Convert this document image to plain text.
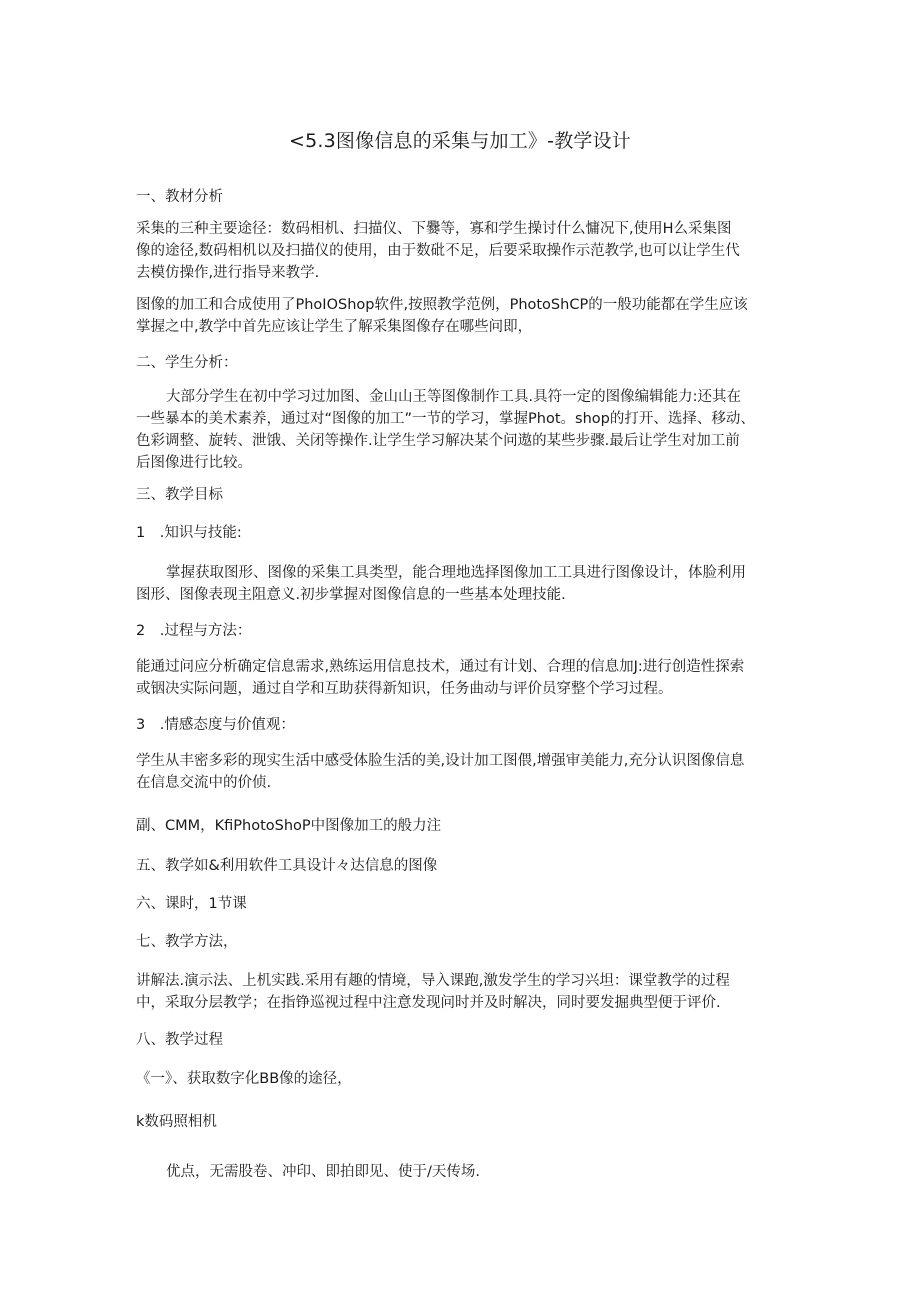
<5.3图像信息的采集与加工》-教学设计
一、教材分析
采集的三种主要途径：数码相机、扫描仪、下爨等，寡和学生操讨什么慵况下,使用H么采集图
像的途径,数码相机以及扫描仪的使用，由于数砒不足，后要采取操作示范教学,也可以让学生代
去模仿操作,进行指导来教学.
图像的加工和合成使用了PhoIOShop软件,按照教学范例，PhotoShCP的一般功能都在学生应该
掌握之中,教学中首先应该让学生了解采集图像存在哪些问即，
二、学生分析：
大部分学生在初中学习过加图、金山山王等图像制作工具.具符一定的图像编辑能力:还其在
一些暴本的美术素养，通过对“图像的加工”一节的学习，掌握Phot。shop的打开、选择、移动、
色彩调整、旋转、泄饿、关闭等操作.让学生学习解决某个问遨的某些步骤.最后让学生对加工前
后图像进行比较。
三、教学目标
1　.知识与技能:
掌握获取图形、图像的采集工具类型，能合理地选择图像加工工具进行图像设计，体脸利用
图形、图像表现主阻意义.初步掌握对图像信息的一些基本处理技能.
2　.过程与方法：
能通过问应分析确定信息需求,熟练运用信息技术，通过有计划、合理的信息加J:进行创造性探索
或铟决实际问题，通过自学和互助获得新知识，任务曲动与评价员穿整个学习过程。
3　.情感态度与价值观：
学生从丰密多彩的现实生活中感受体脸生活的美,设计加工图偎,增强审美能力,充分认识图像信息
在信息交流中的价侦.
副、CMM，KfiPhotoShoP中图像加工的般力注
五、教学如&利用软件工具设计々达信息的图像
六、课时，1节课
七、教学方法，
讲解法.演示法、上机实践.采用有趣的情境，导入课跑,激发学生的学习兴坦：课堂教学的过程
中，采取分层教学；在指铮巡视过程中注意发现问时并及时解决，同时要发掘典型便于评价.
八、教学过程
《一》、获取数字化BB像的途径，
k数码照相机
优点，无需股卷、冲印、即拍即见、使于/天传场.
